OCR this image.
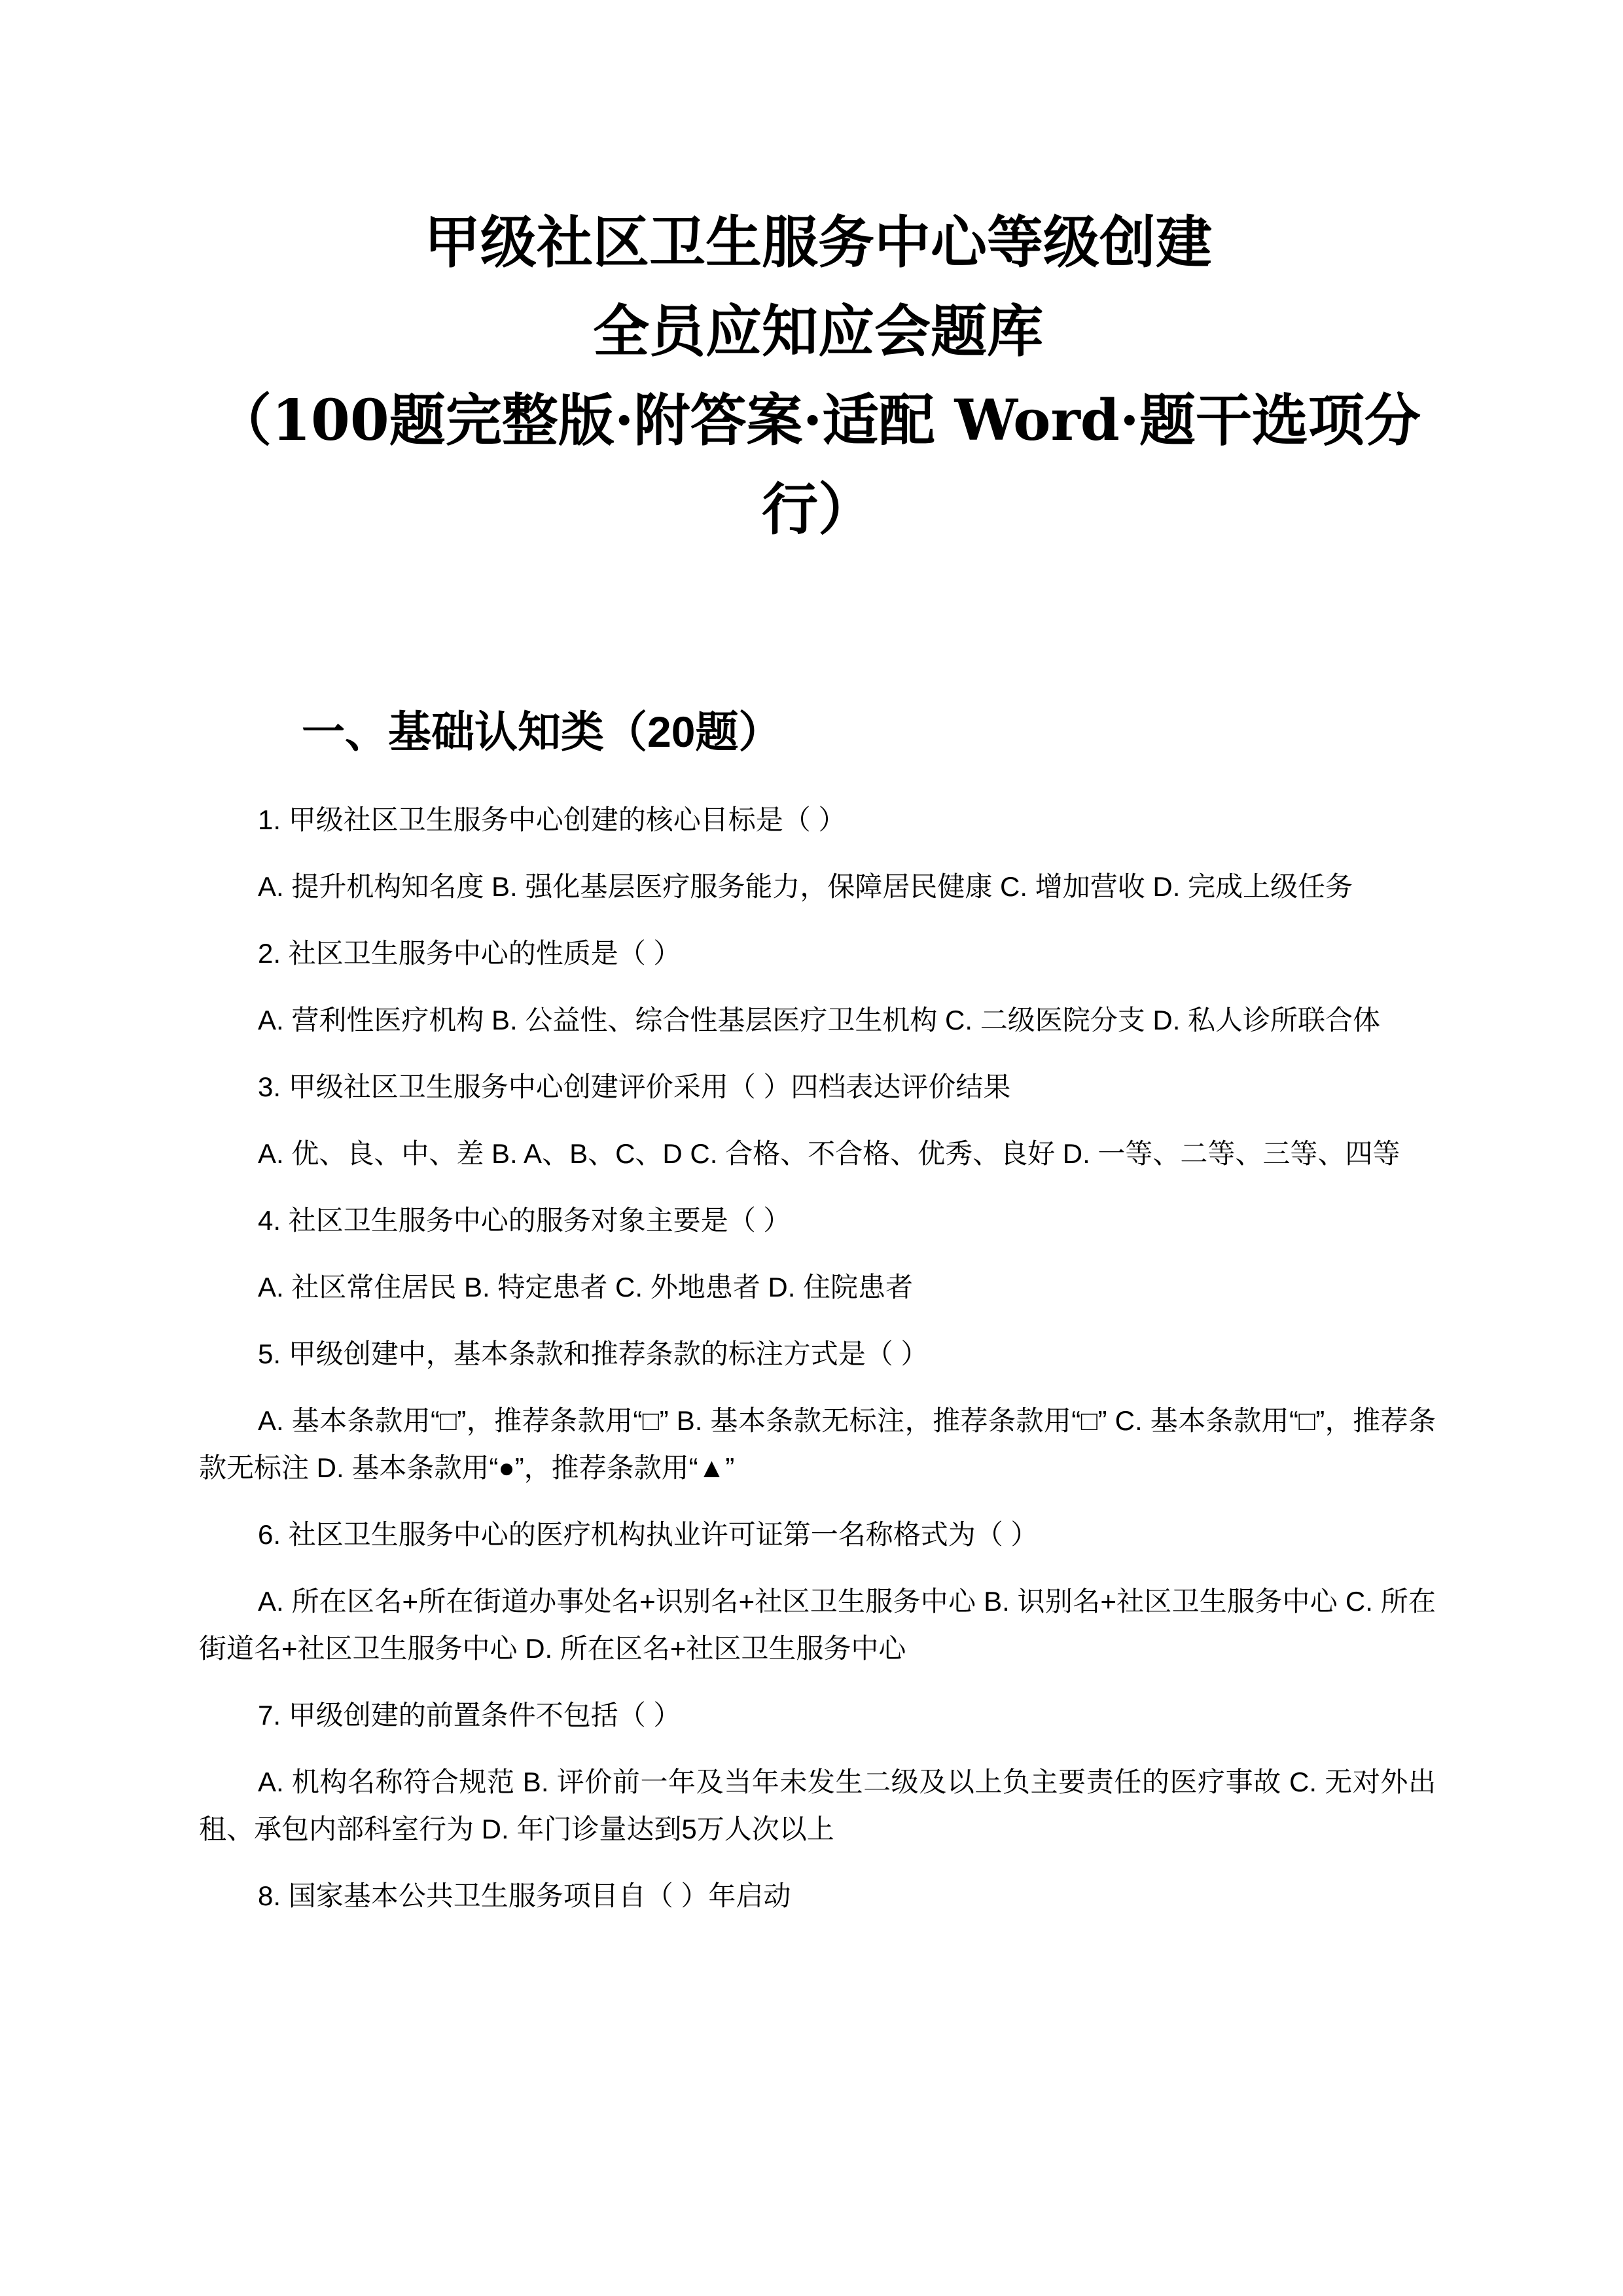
甲级社区卫生服务中心等级创建
全员应知应会题库
（100题完整版·附答案·适配 Word·题干选项分行）
一、基础认知类（20题）

1. 甲级社区卫生服务中心创建的核心目标是（ ）

A. 提升机构知名度 B. 强化基层医疗服务能力，保障居民健康 C. 增加营收 D. 完成上级任务

2. 社区卫生服务中心的性质是（ ）

A. 营利性医疗机构 B. 公益性、综合性基层医疗卫生机构 C. 二级医院分支 D. 私人诊所联合体

3. 甲级社区卫生服务中心创建评价采用（ ）四档表达评价结果

A. 优、良、中、差 B. A、B、C、D C. 合格、不合格、优秀、良好 D. 一等、二等、三等、四等

4. 社区卫生服务中心的服务对象主要是（ ）

A. 社区常住居民 B. 特定患者 C. 外地患者 D. 住院患者

5. 甲级创建中，基本条款和推荐条款的标注方式是（ ）

A. 基本条款用“□”，推荐条款用“□” B. 基本条款无标注，推荐条款用“□” C. 基本条款用“□”，推荐条款无标注 D. 基本条款用“●”，推荐条款用“▲”

6. 社区卫生服务中心的医疗机构执业许可证第一名称格式为（ ）

A. 所在区名+所在街道办事处名+识别名+社区卫生服务中心 B. 识别名+社区卫生服务中心 C. 所在街道名+社区卫生服务中心 D. 所在区名+社区卫生服务中心

7. 甲级创建的前置条件不包括（ ）

A. 机构名称符合规范 B. 评价前一年及当年未发生二级及以上负主要责任的医疗事故 C. 无对外出租、承包内部科室行为 D. 年门诊量达到5万人次以上

8. 国家基本公共卫生服务项目自（ ）年启动
